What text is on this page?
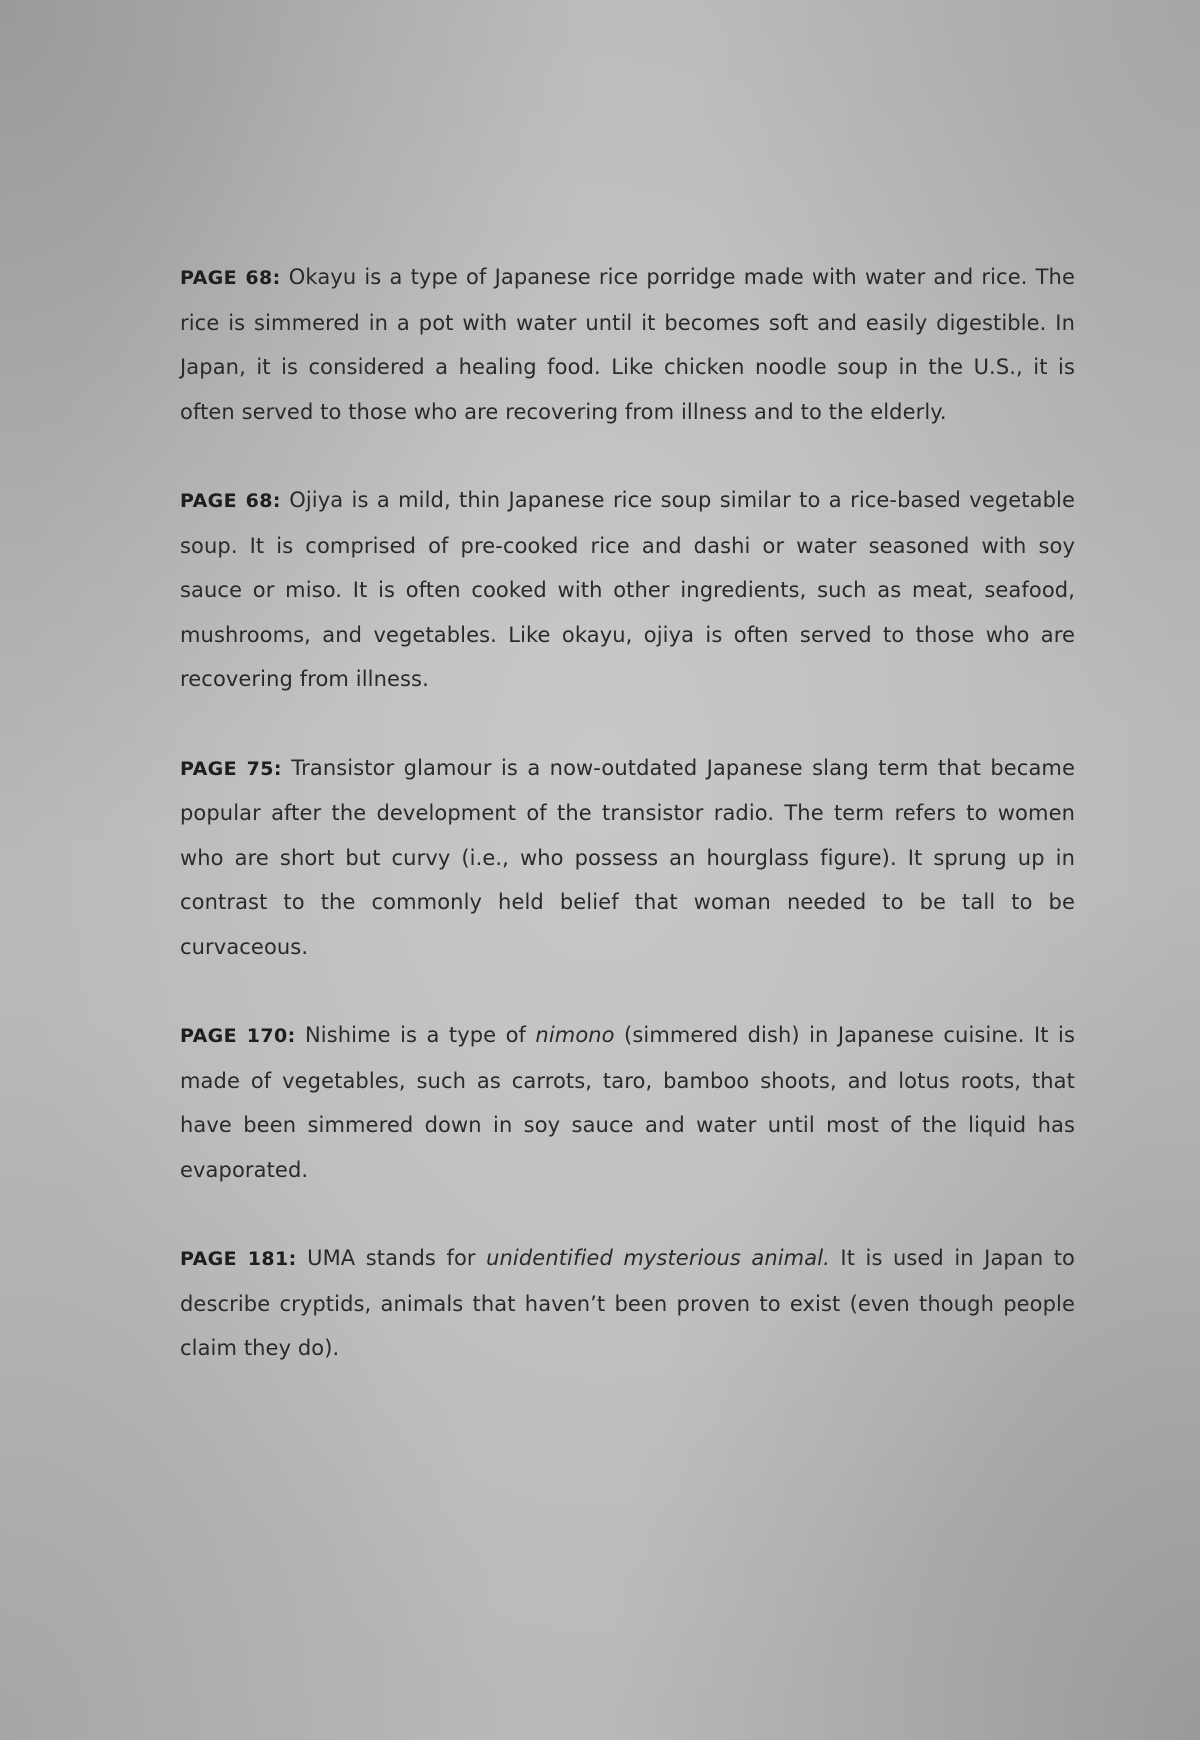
PAGE 68: Okayu is a type of Japanese rice porridge made with water and rice. The rice is simmered in a pot with water until it becomes soft and easily digestible. In Japan, it is considered a healing food. Like chicken noodle soup in the U.S., it is often served to those who are recovering from illness and to the elderly.

PAGE 68: Ojiya is a mild, thin Japanese rice soup similar to a rice-based vegetable soup. It is comprised of pre-cooked rice and dashi or water seasoned with soy sauce or miso. It is often cooked with other ingredients, such as meat, seafood, mushrooms, and vegetables. Like okayu, ojiya is often served to those who are recovering from illness.

PAGE 75: Transistor glamour is a now-outdated Japanese slang term that became popular after the development of the transistor radio. The term refers to women who are short but curvy (i.e., who possess an hourglass figure). It sprung up in contrast to the commonly held belief that woman needed to be tall to be curvaceous.

PAGE 170: Nishime is a type of nimono (simmered dish) in Japanese cuisine. It is made of vegetables, such as carrots, taro, bamboo shoots, and lotus roots, that have been simmered down in soy sauce and water until most of the liquid has evaporated.

PAGE 181: UMA stands for unidentified mysterious animal. It is used in Japan to describe cryptids, animals that haven’t been proven to exist (even though people claim they do).
